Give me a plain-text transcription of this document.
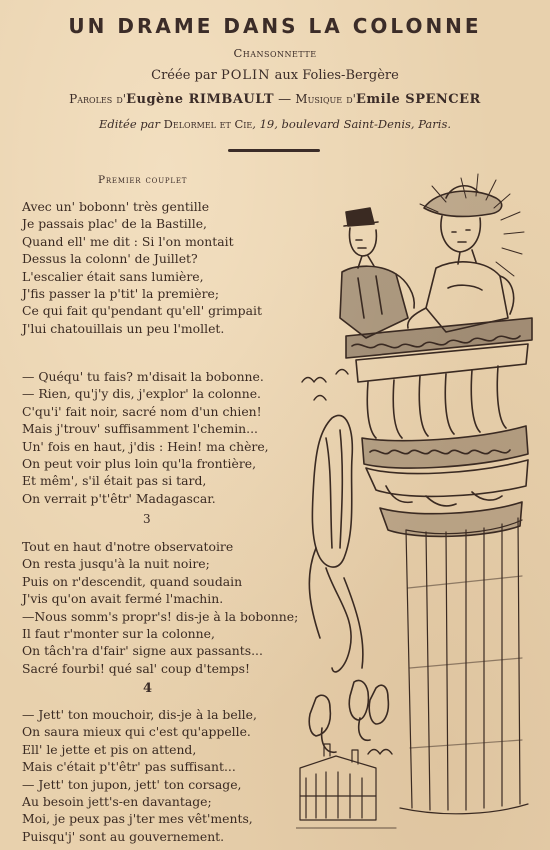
UN DRAME DANS LA COLONNE
Chansonnette
Créée par POLIN aux Folies-Bergère
Paroles d'Eugène RIMBAULT — Musique d'Emile SPENCER
Editée par Delormel et Cie, 19, boulevard Saint-Denis, Paris.
Premier couplet
Avec un' bobonn' très gentille
Je passais plac' de la Bastille,
Quand ell' me dit : Si l'on montait
Dessus la colonn' de Juillet?
L'escalier était sans lumière,
J'fis passer la p'tit' la première;
Ce qui fait qu'pendant qu'ell' grimpait
J'lui chatouillais un peu l'mollet.
— Quéqu' tu fais? m'disait la bobonne.
— Rien, qu'j'y dis, j'explor' la colonne.
C'qu'i' fait noir, sacré nom d'un chien!
Mais j'trouv' suffisamment l'chemin...
Un' fois en haut, j'dis : Hein! ma chère,
On peut voir plus loin qu'la frontière,
Et mêm', s'il était pas si tard,
On verrait p't'êtr' Madagascar.
3
Tout en haut d'notre observatoire
On resta jusqu'à la nuit noire;
Puis on r'descendit, quand soudain
J'vis qu'on avait fermé l'machin.
—Nous somm's propr's! dis-je à la bobonne;
Il faut r'monter sur la colonne,
On tâch'ra d'fair' signe aux passants...
Sacré fourbi! qué sal' coup d'temps!
4
— Jett' ton mouchoir, dis-je à la belle,
On saura mieux qui c'est qu'appelle.
Ell' le jette et pis on attend,
Mais c'était p't'êtr' pas suffisant...
— Jett' ton jupon, jett' ton corsage,
Au besoin jett's-en davantage;
Moi, je peux pas j'ter mes vêt'ments,
Puisqu'j' sont au gouvernement.
